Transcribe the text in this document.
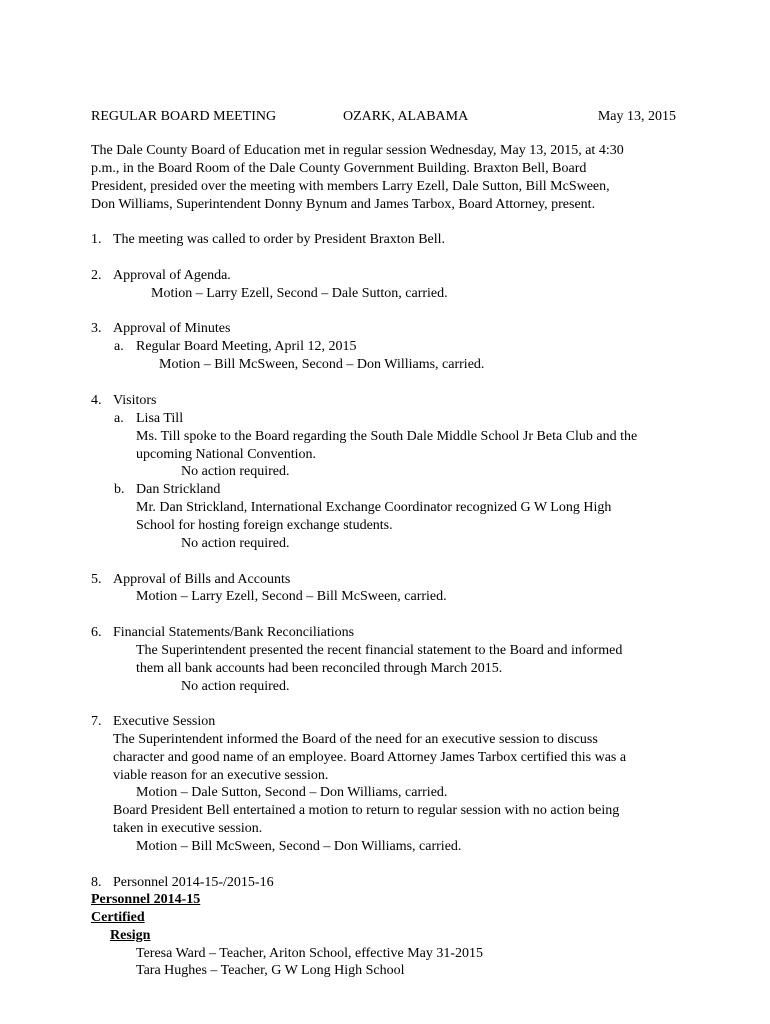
REGULAR BOARD MEETING	OZARK, ALABAMA	May 13, 2015
The Dale County Board of Education met in regular session Wednesday, May 13, 2015, at 4:30
p.m., in the Board Room of the Dale County Government Building. Braxton Bell, Board
President, presided over the meeting with members Larry Ezell, Dale Sutton, Bill McSween,
Don Williams, Superintendent Donny Bynum and James Tarbox, Board Attorney, present.
1. The meeting was called to order by President Braxton Bell.
2. Approval of Agenda.
Motion – Larry Ezell, Second – Dale Sutton, carried.
3. Approval of Minutes
a. Regular Board Meeting, April 12, 2015
Motion – Bill McSween, Second – Don Williams, carried.
4. Visitors
a. Lisa Till
Ms. Till spoke to the Board regarding the South Dale Middle School Jr Beta Club and the
upcoming National Convention.
No action required.
b. Dan Strickland
Mr. Dan Strickland, International Exchange Coordinator recognized G W Long High
School for hosting foreign exchange students.
No action required.
5. Approval of Bills and Accounts
Motion – Larry Ezell, Second – Bill McSween, carried.
6. Financial Statements/Bank Reconciliations
The Superintendent presented the recent financial statement to the Board and informed
them all bank accounts had been reconciled through March 2015.
No action required.
7. Executive Session
The Superintendent informed the Board of the need for an executive session to discuss
character and good name of an employee. Board Attorney James Tarbox certified this was a
viable reason for an executive session.
Motion – Dale Sutton, Second – Don Williams, carried.
Board President Bell entertained a motion to return to regular session with no action being
taken in executive session.
Motion – Bill McSween, Second – Don Williams, carried.
8. Personnel 2014-15-/2015-16
Personnel 2014-15
Certified
Resign
Teresa Ward – Teacher, Ariton School, effective May 31-2015
Tara Hughes – Teacher, G W Long High School
